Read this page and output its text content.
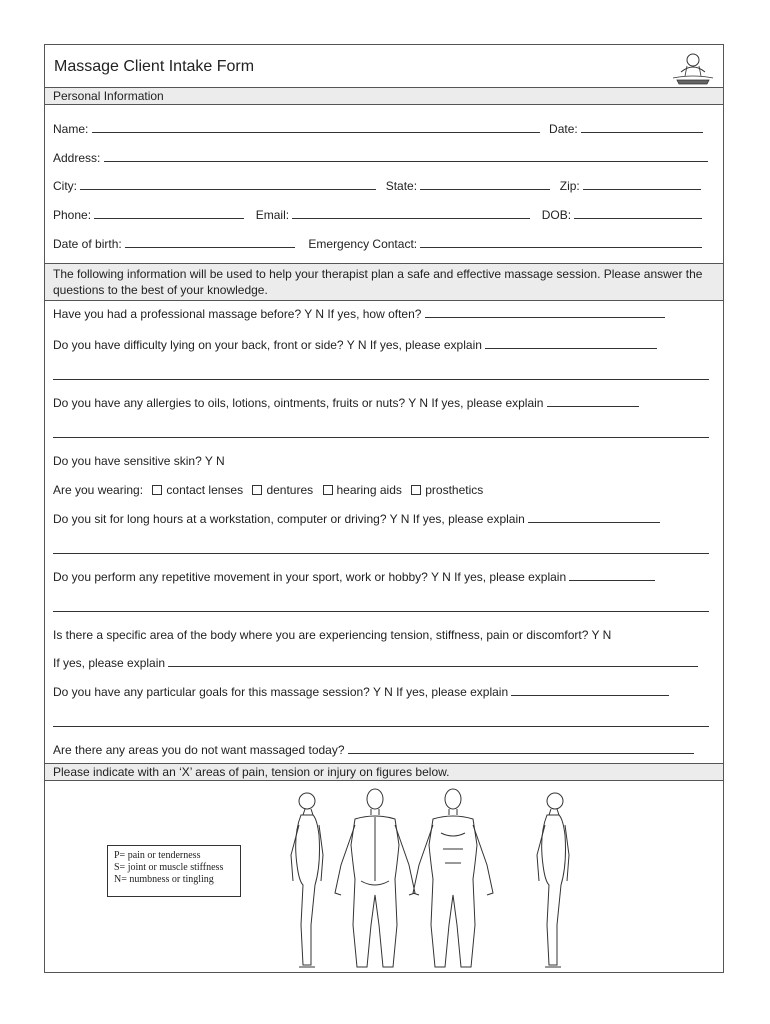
Massage Client Intake Form
Personal Information
Name:	Date:
Address:
City:	State:	Zip:
Phone:	Email:	DOB:
Date of birth:	Emergency Contact:
The following information will be used to help your therapist plan a safe and effective massage session. Please answer the questions to the best of your knowledge.
Have you had a professional massage before? Y N If yes, how often?
Do you have difficulty lying on your back, front or side? Y N If yes, please explain
Do you have any allergies to oils, lotions, ointments, fruits or nuts? Y N If yes, please explain
Do you have sensitive skin? Y N
Are you wearing: contact lenses dentures hearing aids prosthetics
Do you sit for long hours at a workstation, computer or driving? Y N If yes, please explain
Do you perform any repetitive movement in your sport, work or hobby? Y N If yes, please explain
Is there a specific area of the body where you are experiencing tension, stiffness, pain or discomfort? Y N
If yes, please explain
Do you have any particular goals for this massage session? Y N If yes, please explain
Are there any areas you do not want massaged today?
Please indicate with an ‘X’ areas of pain, tension or injury on figures below.
P= pain or tenderness
S= joint or muscle stiffness
N= numbness or tingling
